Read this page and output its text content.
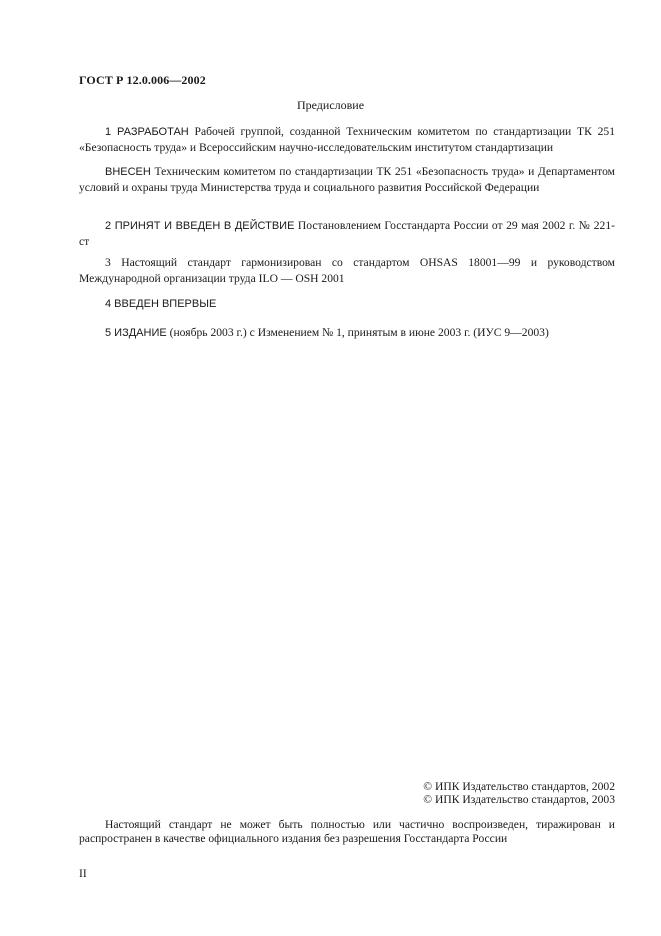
ГОСТ Р 12.0.006—2002
Предисловие
1 РАЗРАБОТАН Рабочей группой, созданной Техническим комитетом по стандартизации ТК 251 «Безопасность труда» и Всероссийским научно-исследовательским институтом стандартизации
ВНЕСЕН Техническим комитетом по стандартизации ТК 251 «Безопасность труда» и Департаментом условий и охраны труда Министерства труда и социального развития Российской Федерации
2 ПРИНЯТ И ВВЕДЕН В ДЕЙСТВИЕ Постановлением Госстандарта России от 29 мая 2002 г. № 221-ст
3 Настоящий стандарт гармонизирован со стандартом OHSAS 18001—99 и руководством Международной организации труда ILO — OSH 2001
4 ВВЕДЕН ВПЕРВЫЕ
5 ИЗДАНИЕ (ноябрь 2003 г.) с Изменением № 1, принятым в июне 2003 г. (ИУС 9—2003)
© ИПК Издательство стандартов, 2002
© ИПК Издательство стандартов, 2003
Настоящий стандарт не может быть полностью или частично воспроизведен, тиражирован и распространен в качестве официального издания без разрешения Госстандарта России
II
